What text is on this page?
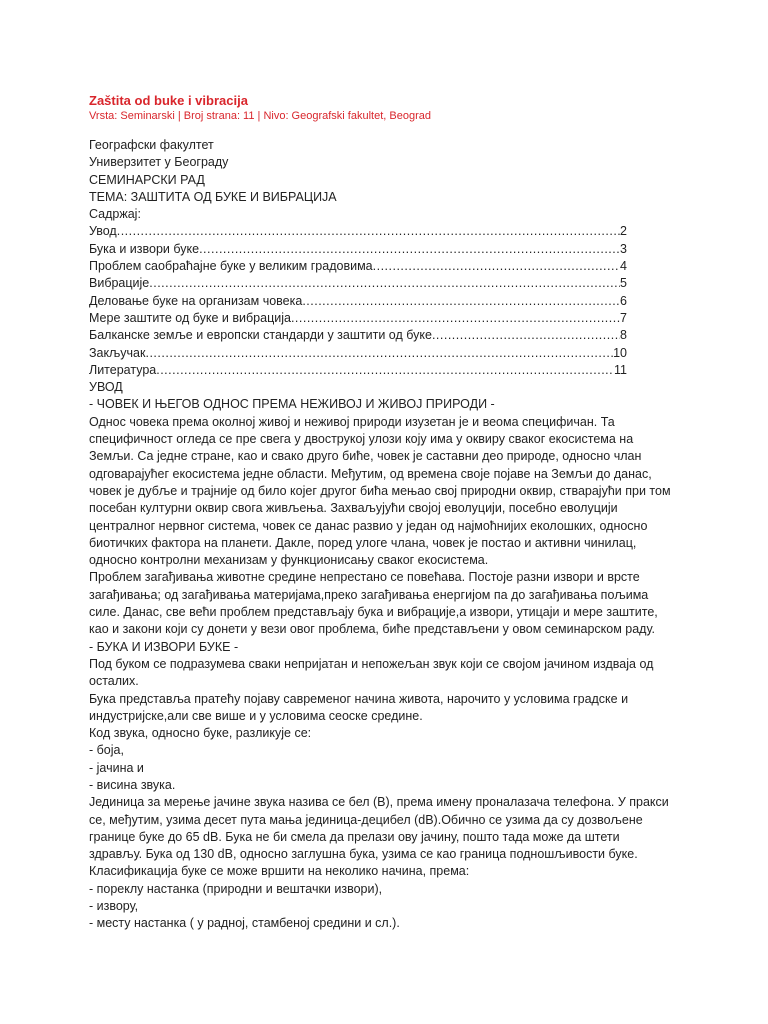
Zaštita od buke i vibracija

Vrsta: Seminarski | Broj strana: 11 | Nivo: Geografski fakultet, Beograd

Географски факултет
Универзитет у Београду
СЕМИНАРСКИ РАД
ТЕМА: ЗАШТИТА ОД БУКЕ И ВИБРАЦИЈА
Садржај:
Увод .....	2
Бука и извори буке .....	3
Проблем саобраћајне буке у великим градовима .....	4
Вибрације .....	5
Деловање буке на организам човека .....	6
Мере заштите од буке и вибрација .....	7
Балканске земље и европски стандарди у заштити од буке .....	8
Закључак .....	10
Литература .....	11
УВОД
- ЧОВЕК И ЊЕГОВ ОДНОС ПРЕМА НЕЖИВОЈ И ЖИВОЈ ПРИРОДИ -
Однос човека према околној живој и неживој природи изузетан је и веома специфичан. Та
специфичност огледа се пре свега у двострукој улози коју има у оквиру сваког екосистема на
Земљи. Са једне стране, као и свако друго биће, човек је саставни део природе, односно члан
одговарајућег екосистема једне области. Међутим, од времена своје појаве на Земљи до данас,
човек је дубље и трајније од било којег другог бића мењао свој природни оквир, стварајући при том
посебан културни оквир свога живљења. Захваљујући својој еволуцији, посебно еволуцији
централног нервног система, човек се данас развио у један од најмоћнијих еколошких, односно
биотичких фактора на планети. Дакле, поред улоге члана, човек је постао и активни чинилац,
односно контролни механизам у функционисању сваког екосистема.
Проблем загађивања животне средине непрестано се повећава. Постоје разни извори и врсте
загађивања; од загађивања материјама,преко загађивања енергијом па до загађивања пољима
силе. Данас, све већи проблем представљају бука и вибрације,а извори, утицаји и мере заштите,
као и закони који су донети у вези овог проблема, биће представљени у овом семинарском раду.
- БУКА И ИЗВОРИ БУКЕ -
Под буком се подразумева сваки непријатан и непожељан звук који се својом јачином издваја од
осталих.
Бука представља пратећу појаву савременог начина живота, нарочито у условима градске и
индустријске,али све више и у условима сеоске средине.
Код звука, односно буке, разликује се:
- боја,
- јачина и
- висина звука.
Јединица за мерење јачине звука назива се бел (B), према имену проналазача телефона. У пракси
се, међутим, узима десет пута мања јединица-децибел (dB).Обично се узима да су дозвољене
границе буке до 65 dB. Бука не би смела да прелази ову јачину, пошто тада може да штети
здрављу. Бука од 130 dB, односно заглушна бука, узима се као граница подношљивости буке.
Класификација буке се може вршити на неколико начина, према:
- пореклу настанка (природни и вештачки извори),
- извору,
- месту настанка ( у радној, стамбеној средини и сл.).
